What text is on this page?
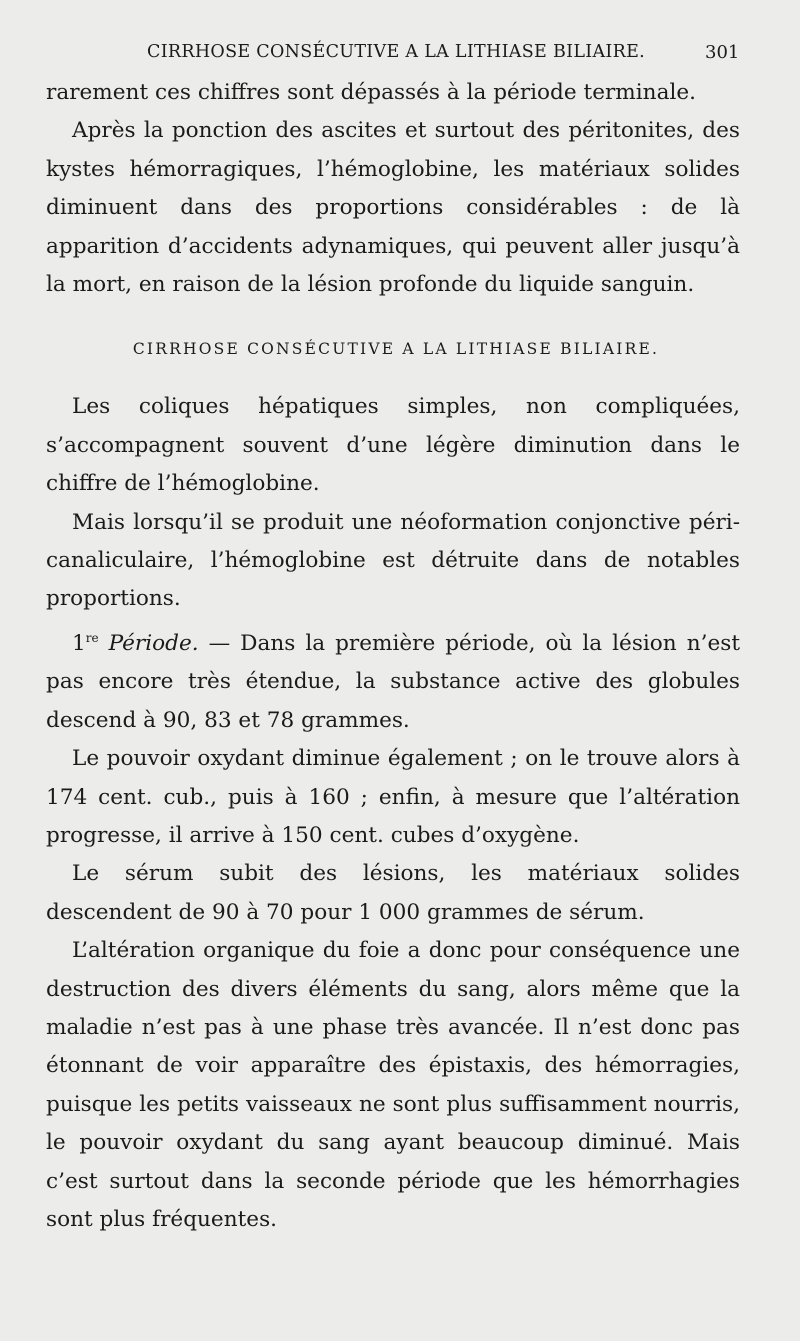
CIRRHOSE CONSÉCUTIVE A LA LITHIASE BILIAIRE.	301

rarement ces chiffres sont dépassés à la période terminale.

Après la ponction des ascites et surtout des péritonites, des kystes hémorragiques, l’hémoglobine, les matériaux solides diminuent dans des proportions considérables : de là apparition d’accidents adynamiques, qui peuvent aller jusqu’à la mort, en raison de la lésion profonde du liquide sanguin.

CIRRHOSE CONSÉCUTIVE A LA LITHIASE BILIAIRE.

Les coliques hépatiques simples, non compliquées, s’accompagnent souvent d’une légère diminution dans le chiffre de l’hémoglobine.

Mais lorsqu’il se produit une néoformation conjonctive péri-canaliculaire, l’hémoglobine est détruite dans de notables proportions.

1re Période. — Dans la première période, où la lésion n’est pas encore très étendue, la substance active des globules descend à 90, 83 et 78 grammes.

Le pouvoir oxydant diminue également ; on le trouve alors à 174 cent. cub., puis à 160 ; enfin, à mesure que l’altération progresse, il arrive à 150 cent. cubes d’oxygène.

Le sérum subit des lésions, les matériaux solides descendent de 90 à 70 pour 1 000 grammes de sérum.

L’altération organique du foie a donc pour conséquence une destruction des divers éléments du sang, alors même que la maladie n’est pas à une phase très avancée. Il n’est donc pas étonnant de voir apparaître des épistaxis, des hémorragies, puisque les petits vaisseaux ne sont plus suffisamment nourris, le pouvoir oxydant du sang ayant beaucoup diminué. Mais c’est surtout dans la seconde période que les hémorrhagies sont plus fréquentes.
